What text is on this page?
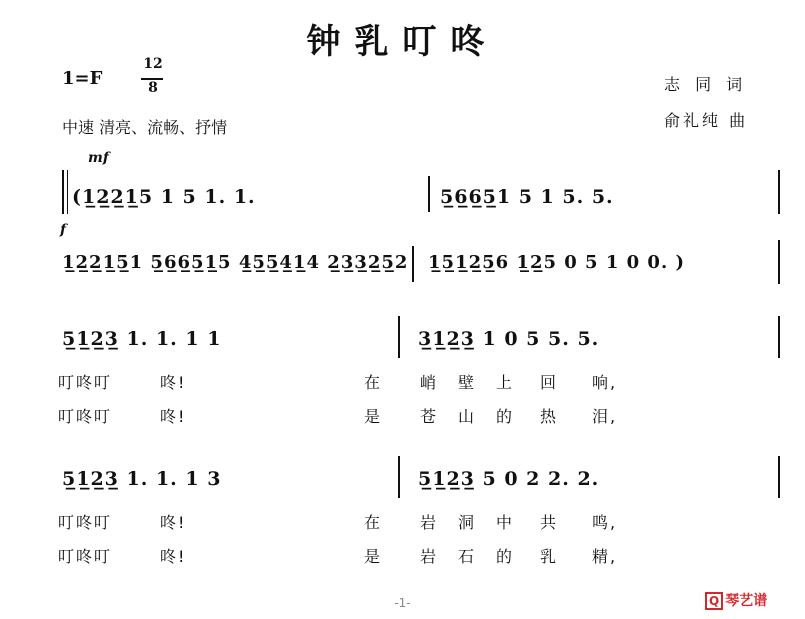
钟乳叮咚
1=F
12
8
中速 清亮、流畅、抒情
志 同 词
俞礼纯 曲
mf
(1̲2̲2̲1̲5 1 5 1. 1.	5̲6̲6̲5̲1 5 1 5. 5.
f
1̲2̲2̲1̲5̲1 5̲6̲6̲5̲1̲5 4̲5̲5̲4̲1̲4 2̲3̲3̲2̲5̲2 1̲5̲1̲2̲5̲6 1̲2̲5 0 5 1 0 0. )
5̲1̲2̲3̲ 1. 1. 1 1	3̲1̲2̲3̲ 1 0 5 5. 5.
叮咚叮	咚!	在 峭 壁 上 回 响,
叮咚叮	咚!	是 苍 山 的 热 泪,
5̲1̲2̲3̲ 1. 1. 1 3	5̲1̲2̲3̲ 5 0 2 2. 2.
叮咚叮	咚!	在 岩 洞 中 共 鸣,
叮咚叮	咚!	是 岩 石 的 乳 精,
-1-	Q 琴艺谱
